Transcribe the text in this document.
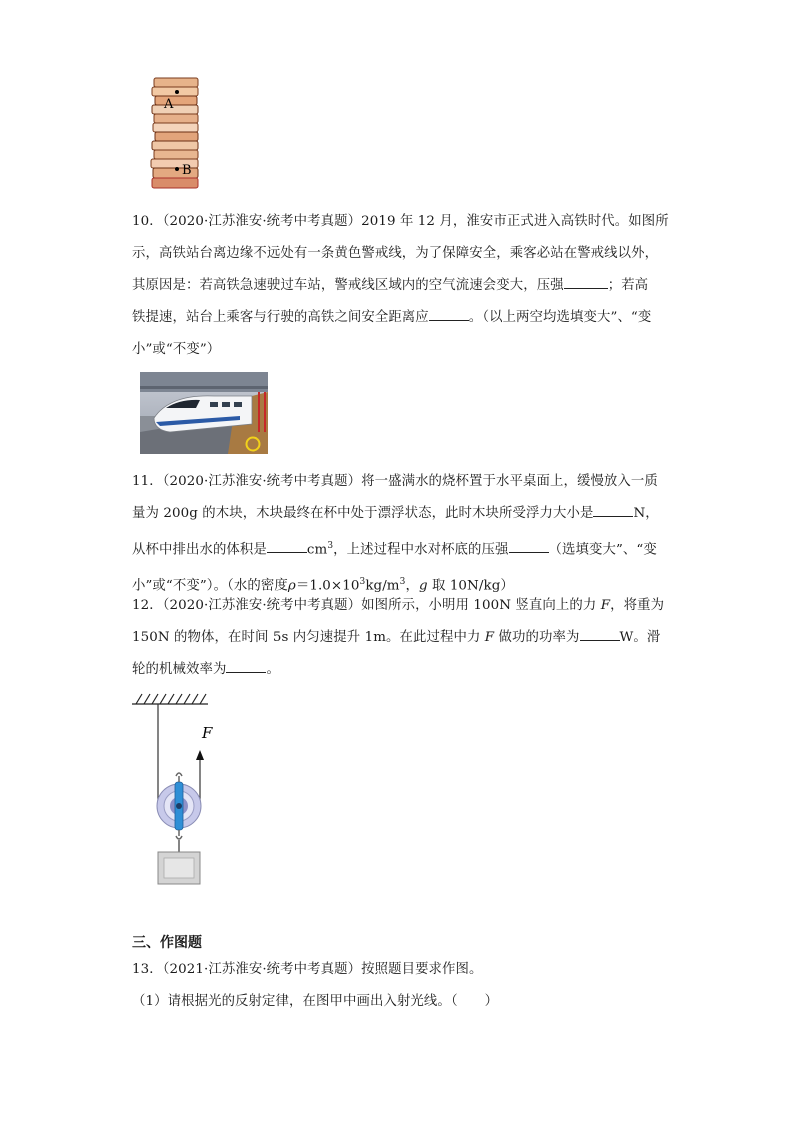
A
B

10．（2020·江苏淮安·统考中考真题）2019 年 12 月，淮安市正式进入高铁时代。如图所

示，高铁站台离边缘不远处有一条黄色警戒线，为了保障安全，乘客必站在警戒线以外，

其原因是：若高铁急速驶过车站，警戒线区域内的空气流速会变大，压强	；若高

铁提速，站台上乘客与行驶的高铁之间安全距离应	。（以上两空均选填变大”、“变

小”或“不变”）

11．（2020·江苏淮安·统考中考真题）将一盛满水的烧杯置于水平桌面上，缓慢放入一质

量为 200g 的木块，木块最终在杯中处于漂浮状态，此时木块所受浮力大小是	N，

从杯中排出水的体积是	$cm^3$，上述过程中水对杯底的压强	（选填变大”、“变

小”或“不变”）。（水的密度$\rho=1.0\times 10^3kg/m^3$，g 取 10N/kg）

12．（2020·江苏淮安·统考中考真题）如图所示，小明用 100N 竖直向上的力 F，将重为

150N 的物体，在时间 5s 内匀速提升 1m。在此过程中力 F 做功的功率为	W。滑

轮的机械效率为	。

F
三、作图题

13．（2021·江苏淮安·统考中考真题）按照题目要求作图。

（1）请根据光的反射定律，在图甲中画出入射光线。（　　）
